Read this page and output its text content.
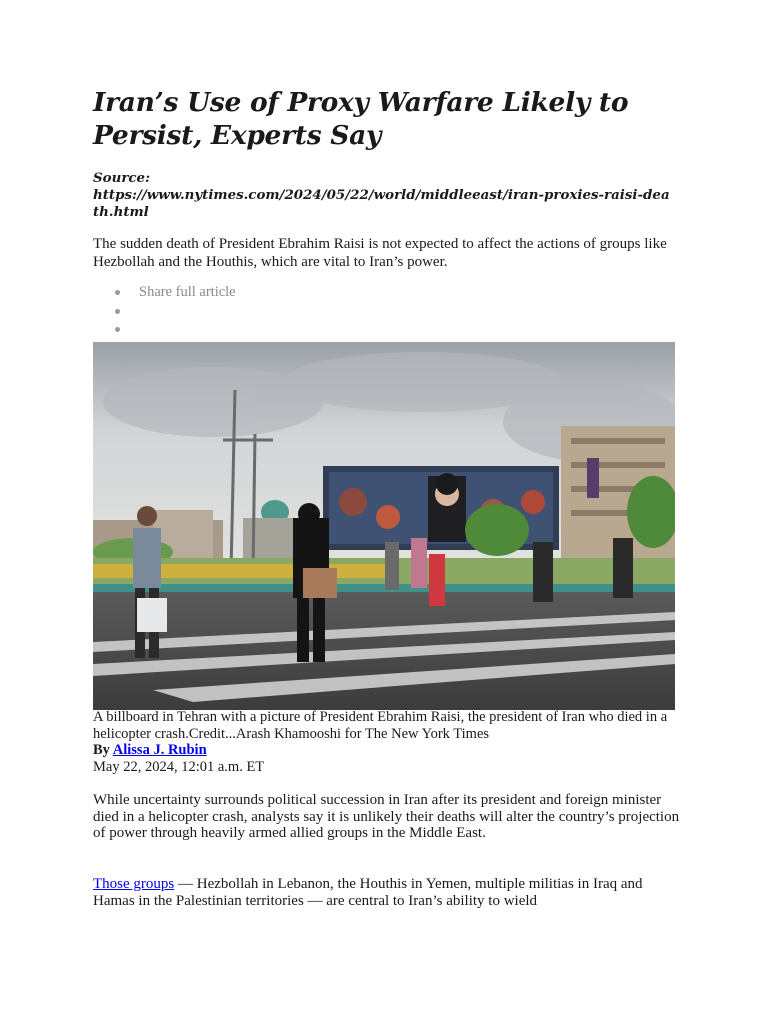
Iran’s Use of Proxy Warfare Likely to Persist, Experts Say
Source:
https://www.nytimes.com/2024/05/22/world/middleeast/iran-proxies-raisi-death.html

The sudden death of President Ebrahim Raisi is not expected to affect the actions of groups like Hezbollah and the Houthis, which are vital to Iran’s power.

Share full article
A billboard in Tehran with a picture of President Ebrahim Raisi, the president of Iran who died in a helicopter crash.Credit...Arash Khamooshi for The New York Times
By Alissa J. Rubin
May 22, 2024, 12:01 a.m. ET
While uncertainty surrounds political succession in Iran after its president and foreign minister died in a helicopter crash, analysts say it is unlikely their deaths will alter the country’s projection of power through heavily armed allied groups in the Middle East.
Those groups — Hezbollah in Lebanon, the Houthis in Yemen, multiple militias in Iraq and Hamas in the Palestinian territories — are central to Iran’s ability to wield
